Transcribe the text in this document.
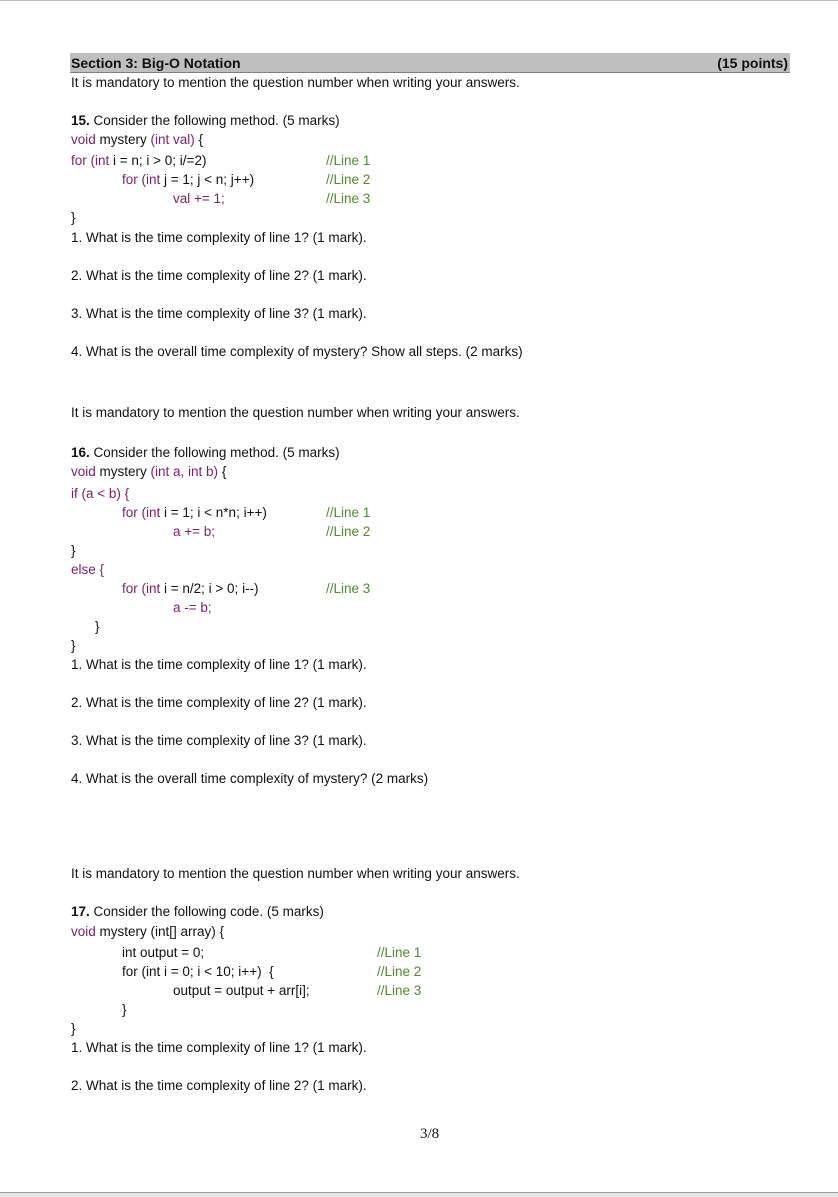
Section 3: Big-O Notation	(15 points)
It is mandatory to mention the question number when writing your answers.
15. Consider the following method. (5 marks)
void mystery (int val) {
for (int i = n; i > 0; i/=2)	//Line 1
for (int j = 1; j < n; j++)	//Line 2
val += 1;	//Line 3
}
1. What is the time complexity of line 1? (1 mark).
2. What is the time complexity of line 2? (1 mark).
3. What is the time complexity of line 3? (1 mark).
4. What is the overall time complexity of mystery? Show all steps. (2 marks)
It is mandatory to mention the question number when writing your answers.
16. Consider the following method. (5 marks)
void mystery (int a, int b) {
if (a < b) {
for (int i = 1; i < n*n; i++)	//Line 1
a += b;	//Line 2
}
else {
for (int i = n/2; i > 0; i--)	//Line 3
a -= b;
}
}
1. What is the time complexity of line 1? (1 mark).
2. What is the time complexity of line 2? (1 mark).
3. What is the time complexity of line 3? (1 mark).
4. What is the overall time complexity of mystery? (2 marks)
It is mandatory to mention the question number when writing your answers.
17. Consider the following code. (5 marks)
void mystery (int[] array) {
int output = 0;	//Line 1
for (int i = 0; i < 10; i++)  {	//Line 2
output = output + arr[i];	//Line 3
}
}
1. What is the time complexity of line 1? (1 mark).
2. What is the time complexity of line 2? (1 mark).
3/8
